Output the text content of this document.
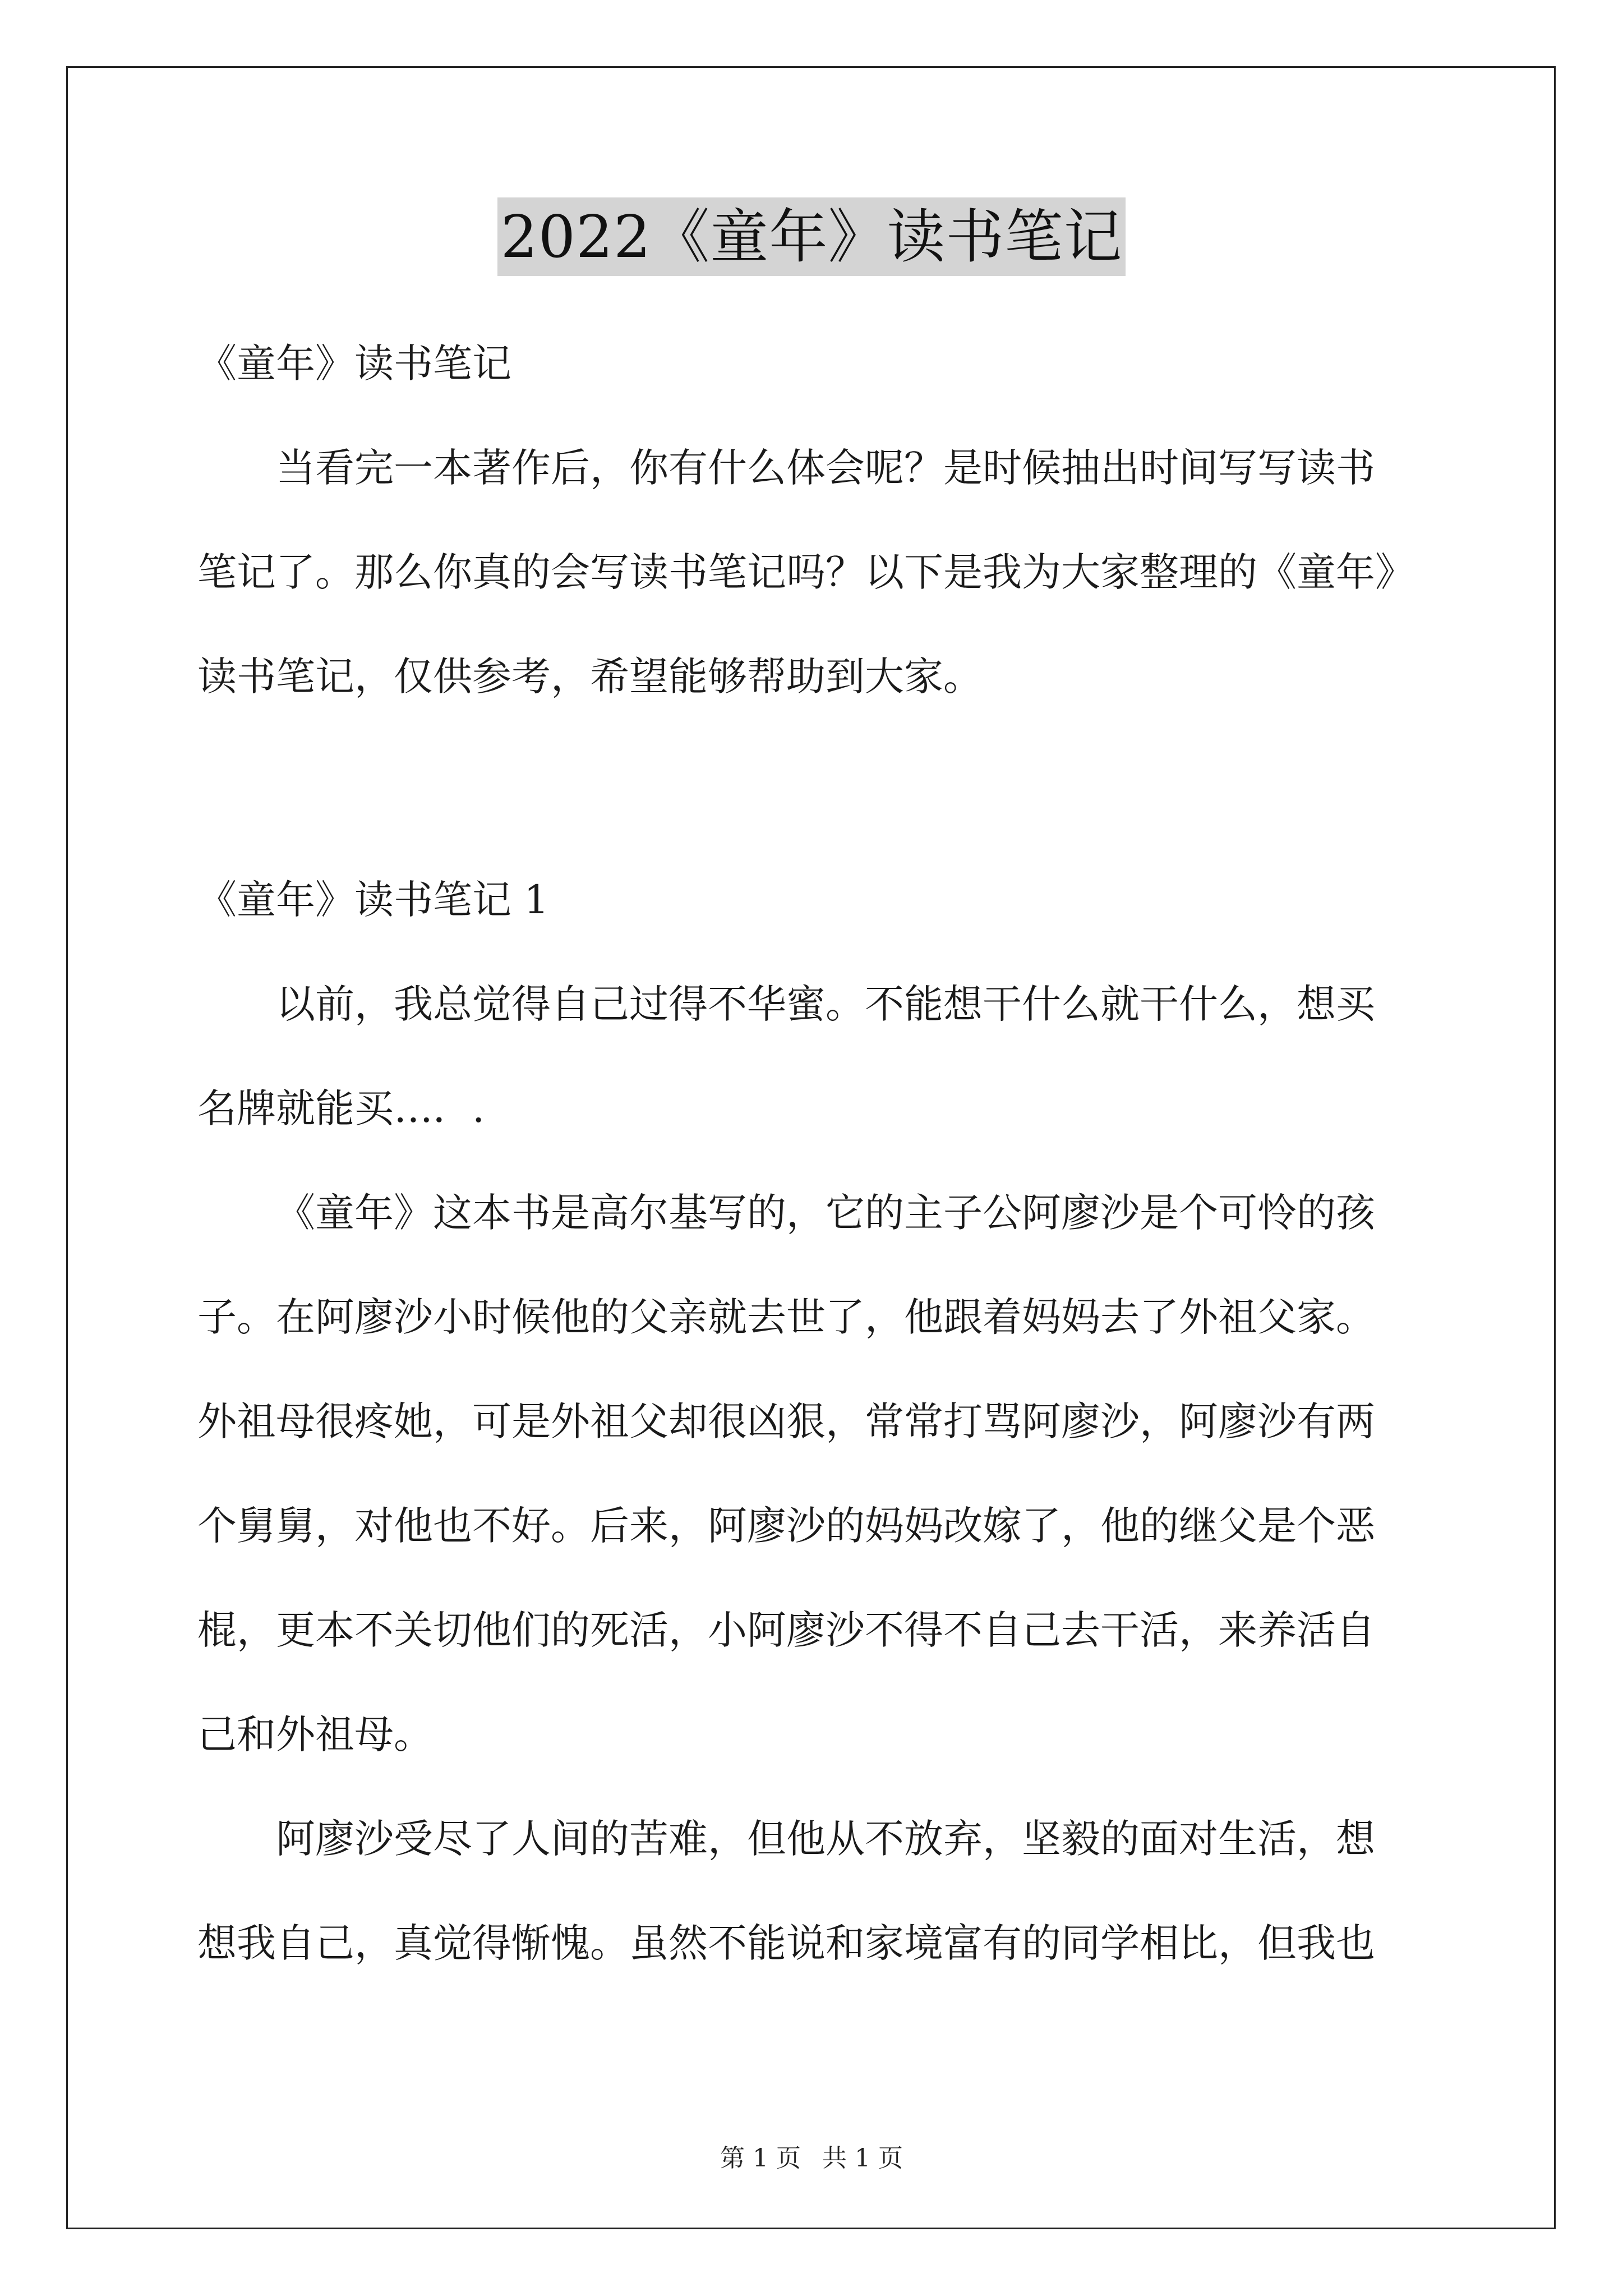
2022《童年》读书笔记
《童年》读书笔记
当看完一本著作后，你有什么体会呢？是时候抽出时间写写读书
笔记了。那么你真的会写读书笔记吗？以下是我为大家整理的《童年》
读书笔记，仅供参考，希望能够帮助到大家。
《童年》读书笔记 1
以前，我总觉得自己过得不华蜜。不能想干什么就干什么，想买
名牌就能买…．.
《童年》这本书是高尔基写的，它的主子公阿廖沙是个可怜的孩
子。在阿廖沙小时候他的父亲就去世了，他跟着妈妈去了外祖父家。
外祖母很疼她，可是外祖父却很凶狠，常常打骂阿廖沙，阿廖沙有两
个舅舅，对他也不好。后来，阿廖沙的妈妈改嫁了，他的继父是个恶
棍，更本不关切他们的死活，小阿廖沙不得不自己去干活，来养活自
己和外祖母。
阿廖沙受尽了人间的苦难，但他从不放弃，坚毅的面对生活，想
想我自己，真觉得惭愧。虽然不能说和家境富有的同学相比，但我也
第 1 页 共 1 页
